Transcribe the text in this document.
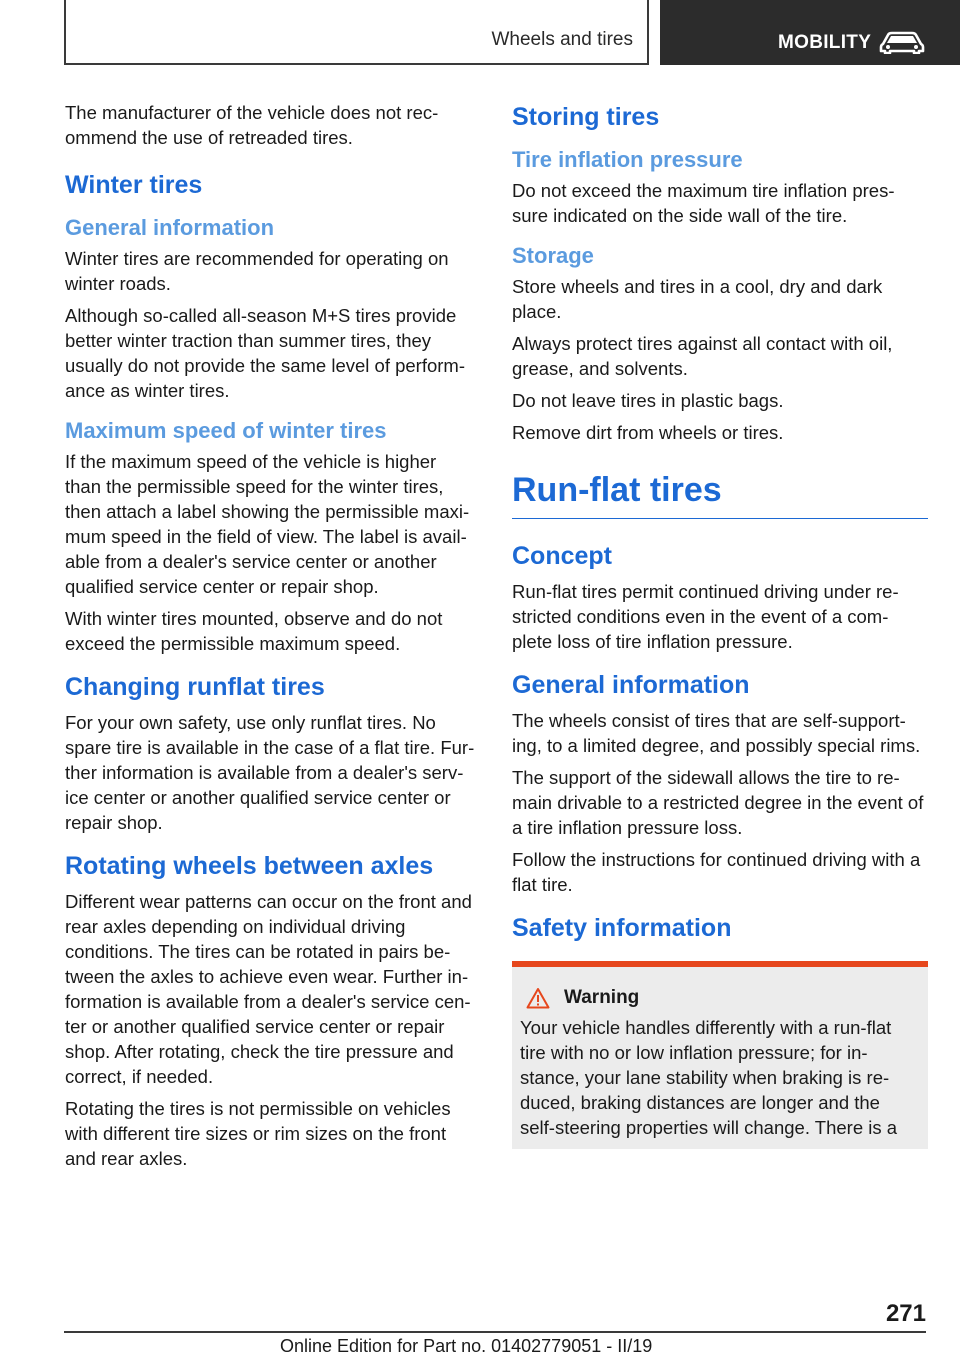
Wheels and tires	MOBILITY

The manufacturer of the vehicle does not rec-ommend the use of retreaded tires.

Winter tires
General information

Winter tires are recommended for operating on winter roads.

Although so-called all-season M+S tires provide better winter traction than summer tires, they usually do not provide the same level of perform-ance as winter tires.

Maximum speed of winter tires

If the maximum speed of the vehicle is higher than the permissible speed for the winter tires, then attach a label showing the permissible maxi-mum speed in the field of view. The label is avail-able from a dealer's service center or another qualified service center or repair shop.

With winter tires mounted, observe and do not exceed the permissible maximum speed.

Changing runflat tires

For your own safety, use only runflat tires. No spare tire is available in the case of a flat tire. Fur-ther information is available from a dealer's serv-ice center or another qualified service center or repair shop.

Rotating wheels between axles

Different wear patterns can occur on the front and rear axles depending on individual driving conditions. The tires can be rotated in pairs be-tween the axles to achieve even wear. Further in-formation is available from a dealer's service cen-ter or another qualified service center or repair shop. After rotating, check the tire pressure and correct, if needed.

Rotating the tires is not permissible on vehicles with different tire sizes or rim sizes on the front and rear axles.

Storing tires
Tire inflation pressure

Do not exceed the maximum tire inflation pres-sure indicated on the side wall of the tire.

Storage

Store wheels and tires in a cool, dry and dark place.

Always protect tires against all contact with oil, grease, and solvents.

Do not leave tires in plastic bags.

Remove dirt from wheels or tires.

Run-flat tires
Concept

Run-flat tires permit continued driving under re-stricted conditions even in the event of a com-plete loss of tire inflation pressure.

General information

The wheels consist of tires that are self-support-ing, to a limited degree, and possibly special rims.

The support of the sidewall allows the tire to re-main drivable to a restricted degree in the event of a tire inflation pressure loss.

Follow the instructions for continued driving with a flat tire.

Safety information
Warning

Your vehicle handles differently with a run-flat tire with no or low inflation pressure; for in-stance, your lane stability when braking is re-duced, braking distances are longer and the self-steering properties will change. There is a

271
Online Edition for Part no. 01402779051 - II/19
